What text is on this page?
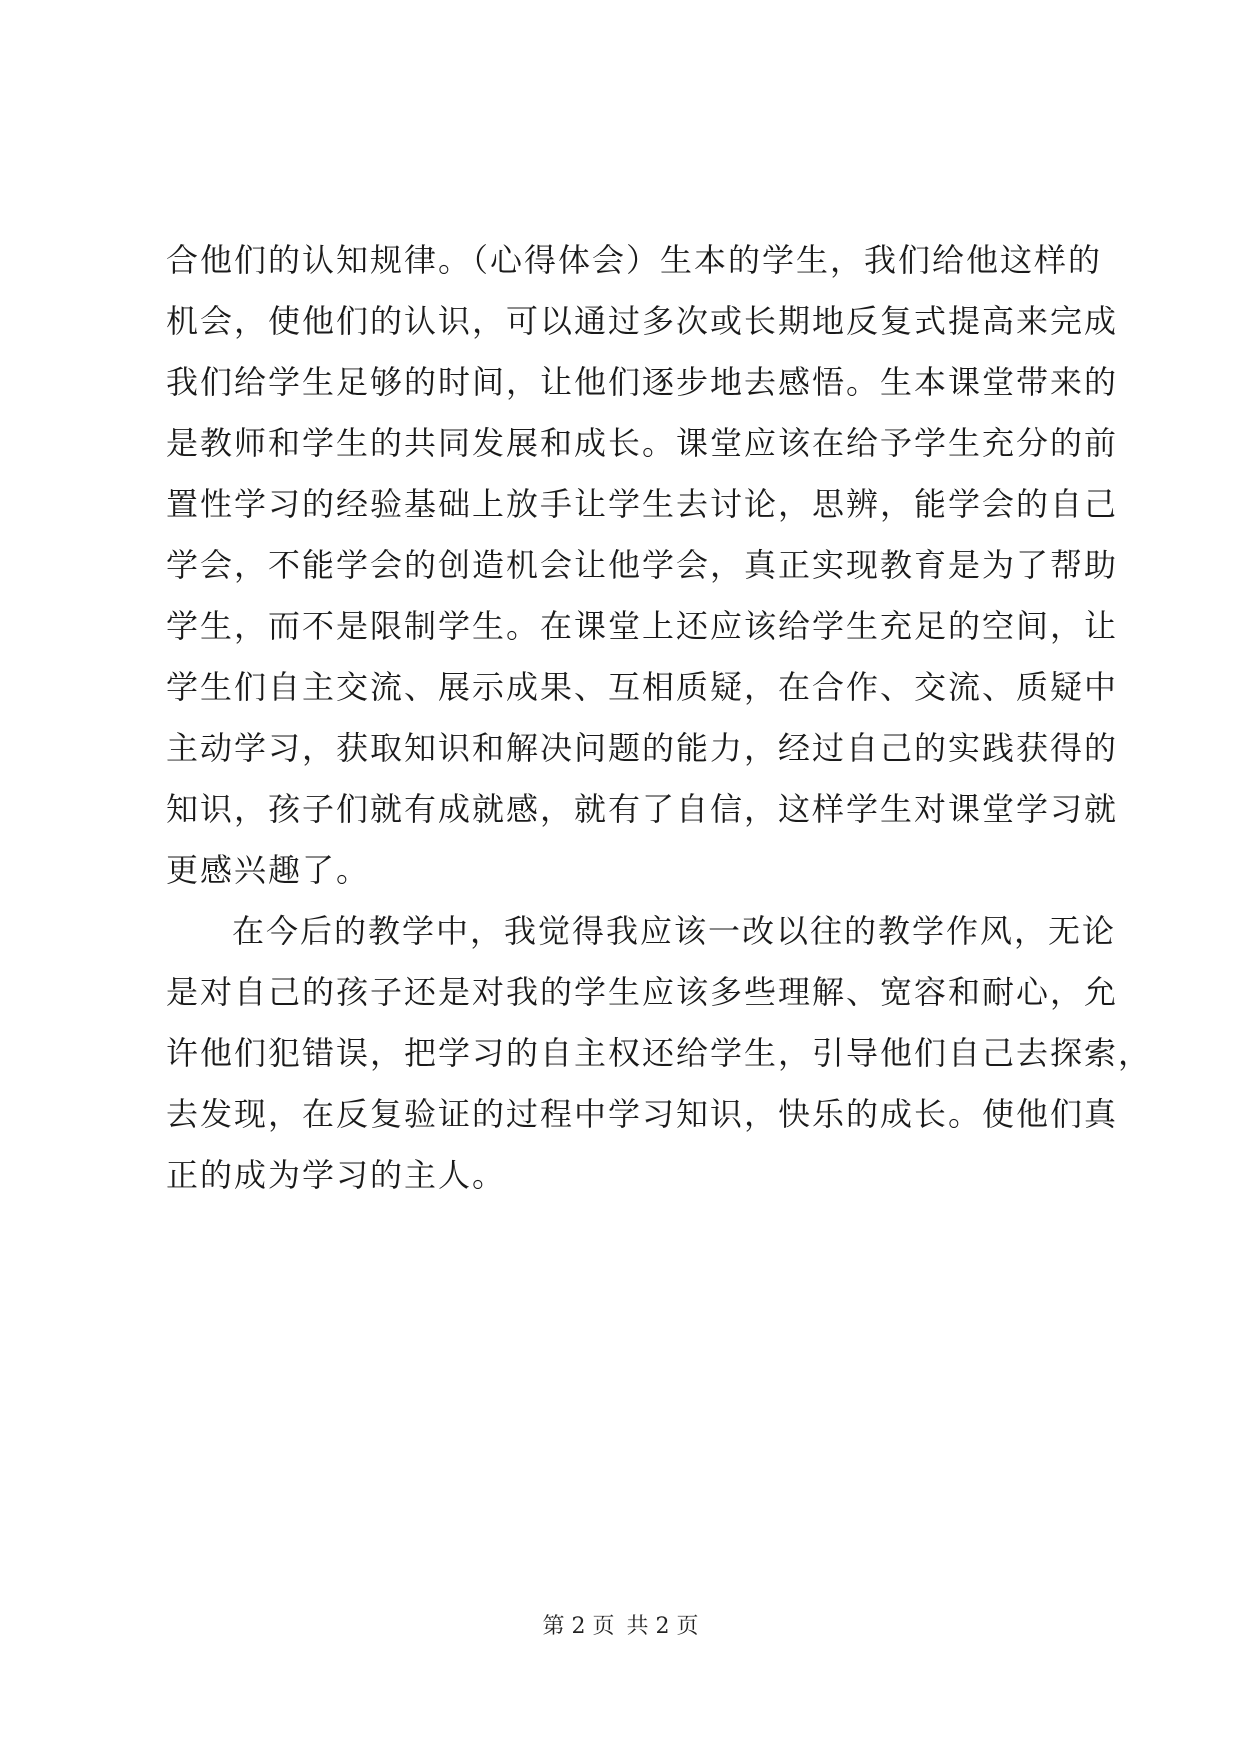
合他们的认知规律。（心得体会）生本的学生，我们给他这样的
机会，使他们的认识，可以通过多次或长期地反复式提高来完成
我们给学生足够的时间，让他们逐步地去感悟。生本课堂带来的
是教师和学生的共同发展和成长。课堂应该在给予学生充分的前
置性学习的经验基础上放手让学生去讨论，思辨，能学会的自己
学会，不能学会的创造机会让他学会，真正实现教育是为了帮助
学生，而不是限制学生。在课堂上还应该给学生充足的空间，让
学生们自主交流、展示成果、互相质疑，在合作、交流、质疑中
主动学习，获取知识和解决问题的能力，经过自己的实践获得的
知识，孩子们就有成就感，就有了自信，这样学生对课堂学习就
更感兴趣了。
在今后的教学中，我觉得我应该一改以往的教学作风，无论
是对自己的孩子还是对我的学生应该多些理解、宽容和耐心，允
许他们犯错误，把学习的自主权还给学生，引导他们自己去探索，
去发现，在反复验证的过程中学习知识，快乐的成长。使他们真
正的成为学习的主人。
第 2 页 共 2 页
